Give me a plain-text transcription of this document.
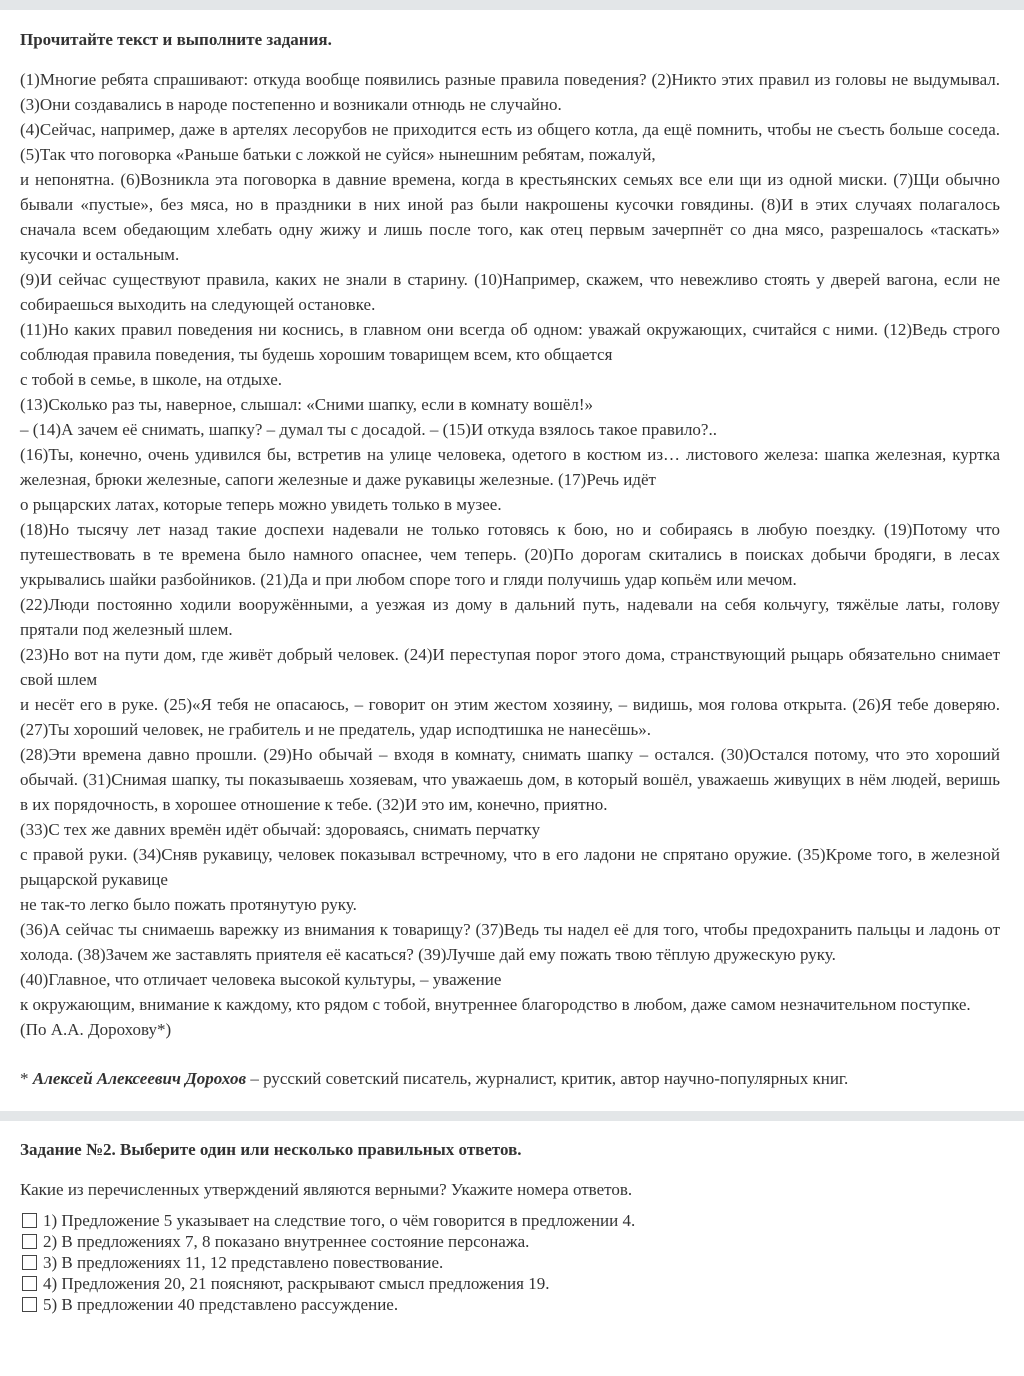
Прочитайте текст и выполните задания.

(1)Многие ребята спрашивают: откуда вообще появились разные правила поведения? (2)Никто этих правил из головы не выдумывал. (3)Они создавались в народе постепенно и возникали отнюдь не случайно.

(4)Сейчас, например, даже в артелях лесорубов не приходится есть из общего котла, да ещё помнить, чтобы не съесть больше соседа. (5)Так что поговорка «Раньше батьки с ложкой не суйся» нынешним ребятам, пожалуй,

и непонятна. (6)Возникла эта поговорка в давние времена, когда в крестьянских семьях все ели щи из одной миски. (7)Щи обычно бывали «пустые», без мяса, но в праздники в них иной раз были накрошены кусочки говядины. (8)И в этих случаях полагалось сначала всем обедающим хлебать одну жижу и лишь после того, как отец первым зачерпнёт со дна мясо, разрешалось «таскать» кусочки и остальным.

(9)И сейчас существуют правила, каких не знали в старину. (10)Например, скажем, что невежливо стоять у дверей вагона, если не собираешься выходить на следующей остановке.

(11)Но каких правил поведения ни коснись, в главном они всегда об одном: уважай окружающих, считайся с ними. (12)Ведь строго соблюдая правила поведения, ты будешь хорошим товарищем всем, кто общается

с тобой в семье, в школе, на отдыхе.

(13)Сколько раз ты, наверное, слышал: «Сними шапку, если в комнату вошёл!»

– (14)А зачем её снимать, шапку? – думал ты с досадой. – (15)И откуда взялось такое правило?..

(16)Ты, конечно, очень удивился бы, встретив на улице человека, одетого в костюм из… листового железа: шапка железная, куртка железная, брюки железные, сапоги железные и даже рукавицы железные. (17)Речь идёт

о рыцарских латах, которые теперь можно увидеть только в музее.

(18)Но тысячу лет назад такие доспехи надевали не только готовясь к бою, но и собираясь в любую поездку. (19)Потому что путешествовать в те времена было намного опаснее, чем теперь. (20)По дорогам скитались в поисках добычи бродяги, в лесах укрывались шайки разбойников. (21)Да и при любом споре того и гляди получишь удар копьём или мечом.

(22)Люди постоянно ходили вооружёнными, а уезжая из дому в дальний путь, надевали на себя кольчугу, тяжёлые латы, голову прятали под железный шлем.

(23)Но вот на пути дом, где живёт добрый человек. (24)И переступая порог этого дома, странствующий рыцарь обязательно снимает свой шлем

и несёт его в руке. (25)«Я тебя не опасаюсь, – говорит он этим жестом хозяину, – видишь, моя голова открыта. (26)Я тебе доверяю. (27)Ты хороший человек, не грабитель и не предатель, удар исподтишка не нанесёшь».

(28)Эти времена давно прошли. (29)Но обычай – входя в комнату, снимать шапку – остался. (30)Остался потому, что это хороший обычай. (31)Снимая шапку, ты показываешь хозяевам, что уважаешь дом, в который вошёл, уважаешь живущих в нём людей, веришь в их порядочность, в хорошее отношение к тебе. (32)И это им, конечно, приятно.

(33)С тех же давних времён идёт обычай: здороваясь, снимать перчатку

с правой руки. (34)Сняв рукавицу, человек показывал встречному, что в его ладони не спрятано оружие. (35)Кроме того, в железной рыцарской рукавице

не так-то легко было пожать протянутую руку.

(36)А сейчас ты снимаешь варежку из внимания к товарищу? (37)Ведь ты надел её для того, чтобы предохранить пальцы и ладонь от холода. (38)Зачем же заставлять приятеля её касаться? (39)Лучше дай ему пожать твою тёплую дружескую руку.

(40)Главное, что отличает человека высокой культуры, – уважение

к окружающим, внимание к каждому, кто рядом с тобой, внутреннее благородство в любом, даже самом незначительном поступке.

(По А.А. Дорохову*)

* Алексей Алексеевич Дорохов – русский советский писатель, журналист, критик, автор научно-популярных книг.
Задание №2. Выберите один или несколько правильных ответов.
Какие из перечисленных утверждений являются верными? Укажите номера ответов.
1) Предложение 5 указывает на следствие того, о чём говорится в предложении 4.
2) В предложениях 7, 8 показано внутреннее состояние персонажа.
3) В предложениях 11, 12 представлено повествование.
4) Предложения 20, 21 поясняют, раскрывают смысл предложения 19.
5) В предложении 40 представлено рассуждение.
